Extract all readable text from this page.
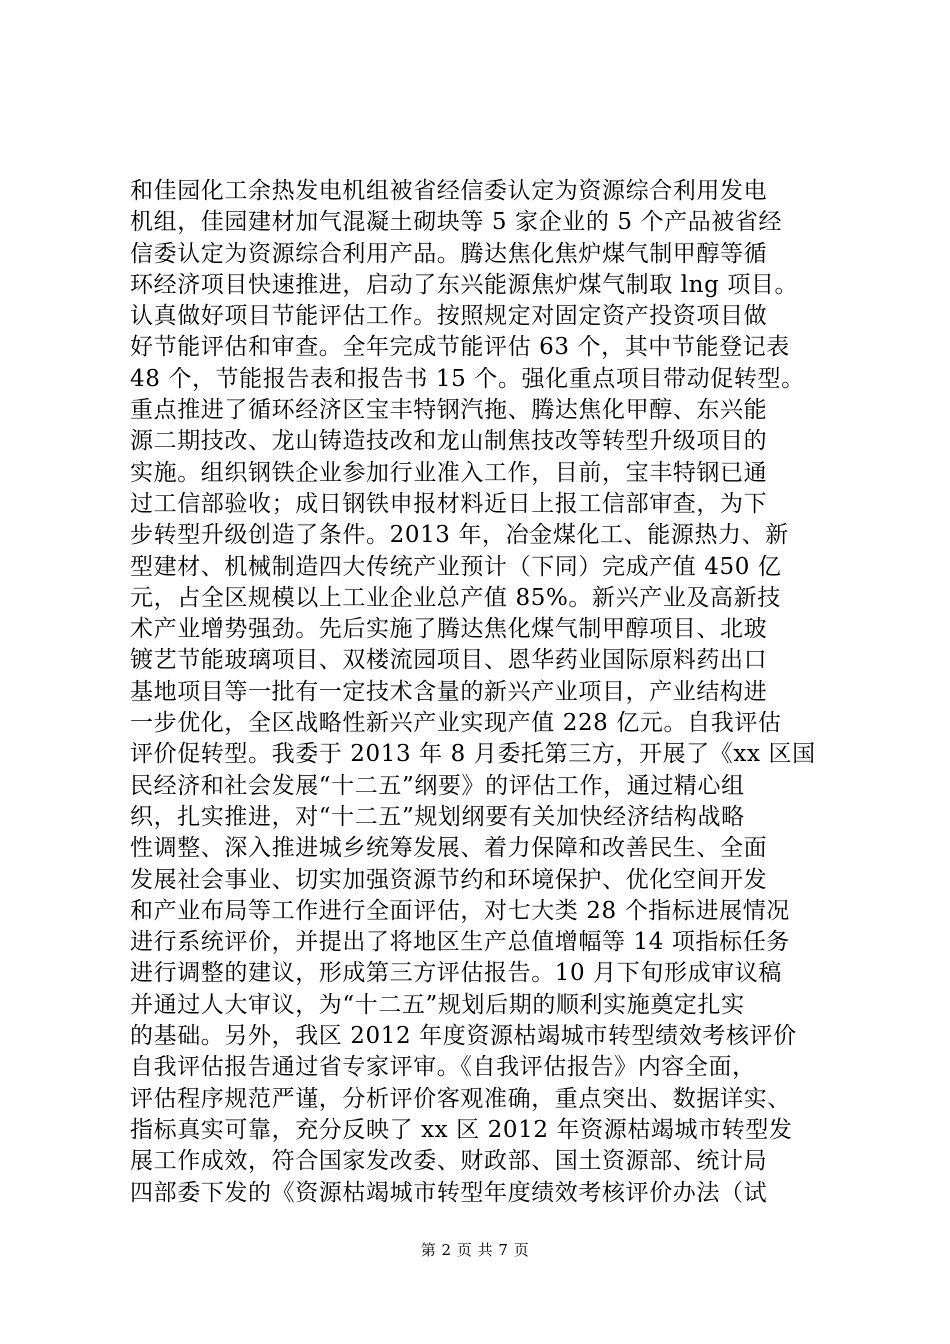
和佳园化工余热发电机组被省经信委认定为资源综合利用发电
机组，佳园建材加气混凝土砌块等 5 家企业的 5 个产品被省经
信委认定为资源综合利用产品。腾达焦化焦炉煤气制甲醇等循
环经济项目快速推进，启动了东兴能源焦炉煤气制取 lng 项目。
认真做好项目节能评估工作。按照规定对固定资产投资项目做
好节能评估和审查。全年完成节能评估 63 个，其中节能登记表
48 个，节能报告表和报告书 15 个。强化重点项目带动促转型。
重点推进了循环经济区宝丰特钢汽拖、腾达焦化甲醇、东兴能
源二期技改、龙山铸造技改和龙山制焦技改等转型升级项目的
实施。组织钢铁企业参加行业准入工作，目前，宝丰特钢已通
过工信部验收；成日钢铁申报材料近日上报工信部审查，为下
步转型升级创造了条件。2013 年，冶金煤化工、能源热力、新
型建材、机械制造四大传统产业预计（下同）完成产值 450 亿
元，占全区规模以上工业企业总产值 85%。新兴产业及高新技
术产业增势强劲。先后实施了腾达焦化煤气制甲醇项目、北玻
镀艺节能玻璃项目、双楼流园项目、恩华药业国际原料药出口
基地项目等一批有一定技术含量的新兴产业项目，产业结构进
一步优化，全区战略性新兴产业实现产值 228 亿元。自我评估
评价促转型。我委于 2013 年 8 月委托第三方，开展了《xx 区国
民经济和社会发展“十二五”纲要》的评估工作，通过精心组
织，扎实推进，对“十二五”规划纲要有关加快经济结构战略
性调整、深入推进城乡统筹发展、着力保障和改善民生、全面
发展社会事业、切实加强资源节约和环境保护、优化空间开发
和产业布局等工作进行全面评估，对七大类 28 个指标进展情况
进行系统评价，并提出了将地区生产总值增幅等 14 项指标任务
进行调整的建议，形成第三方评估报告。10 月下旬形成审议稿
并通过人大审议，为“十二五”规划后期的顺利实施奠定扎实
的基础。另外，我区 2012 年度资源枯竭城市转型绩效考核评价
自我评估报告通过省专家评审。《自我评估报告》内容全面，
评估程序规范严谨，分析评价客观准确，重点突出、数据详实、
指标真实可靠，充分反映了 xx 区 2012 年资源枯竭城市转型发
展工作成效，符合国家发改委、财政部、国土资源部、统计局
四部委下发的《资源枯竭城市转型年度绩效考核评价办法（试
第 2 页 共 7 页
